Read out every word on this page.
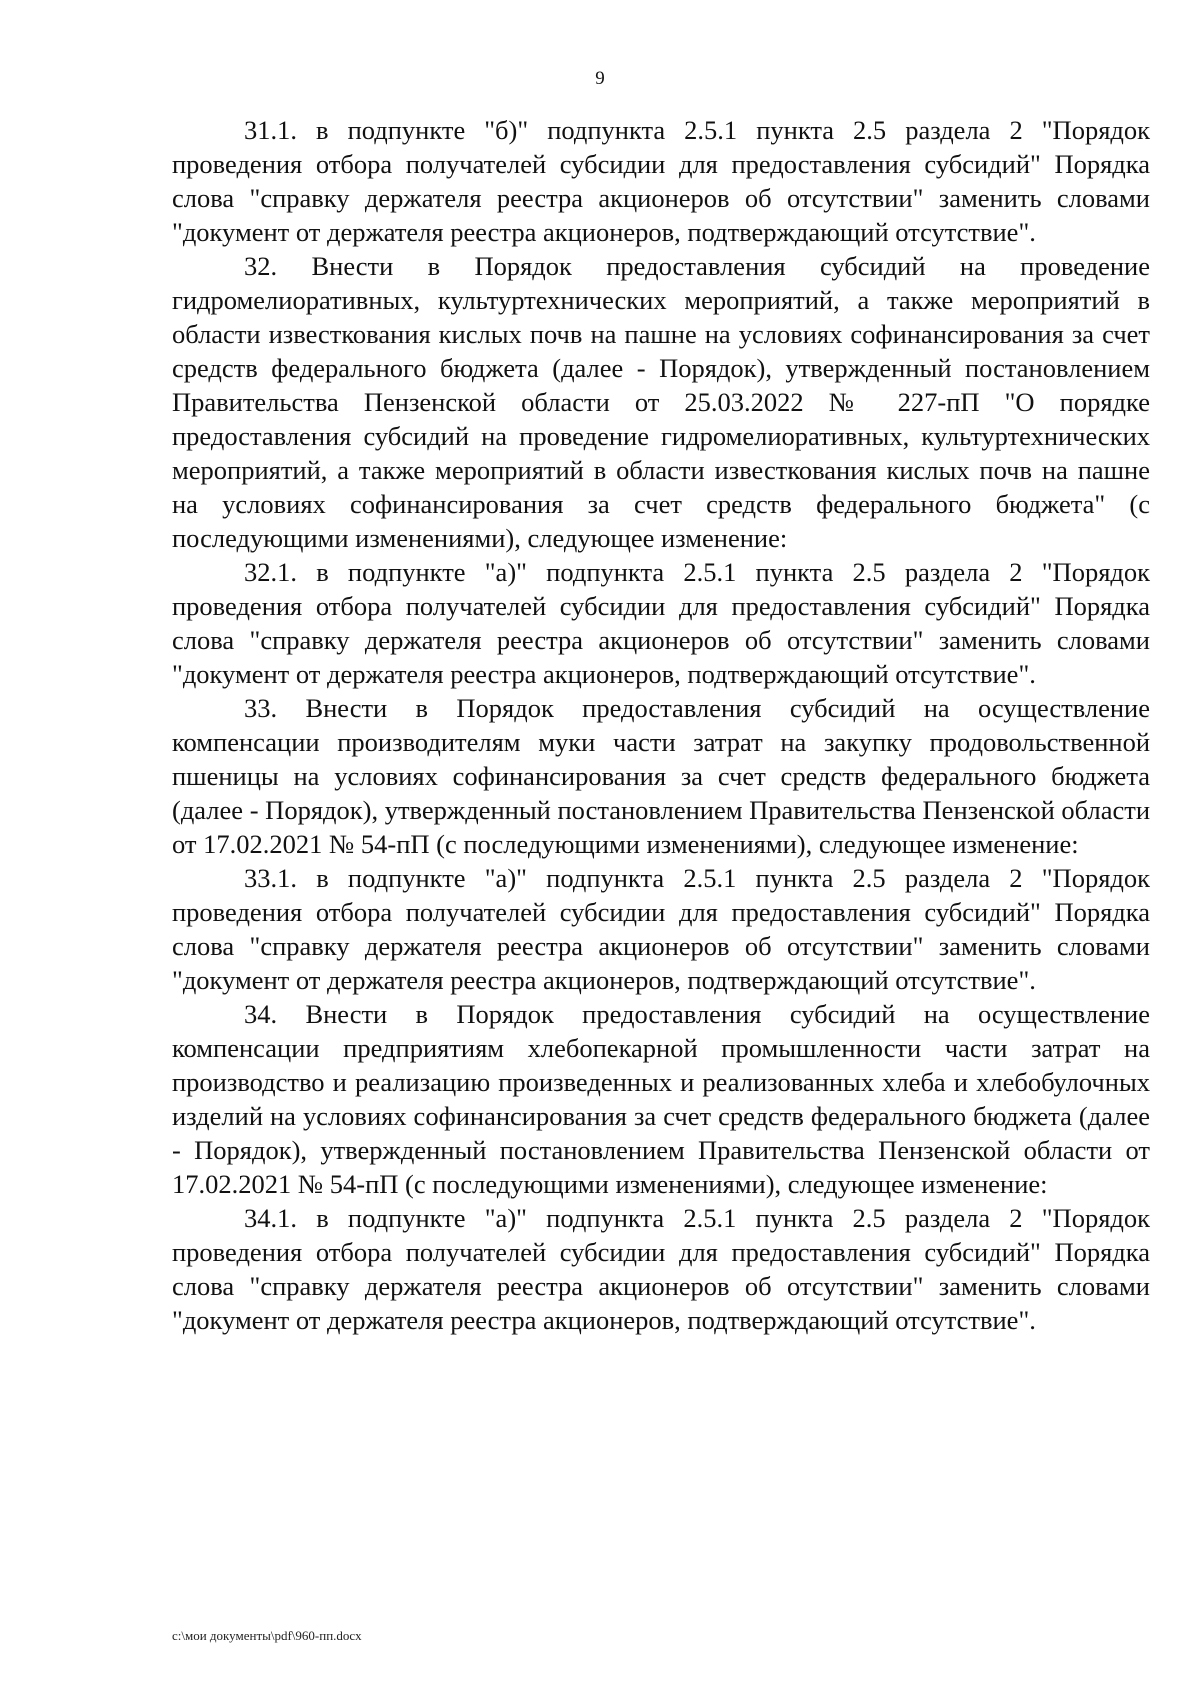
9

31.1. в подпункте "б)" подпункта 2.5.1 пункта 2.5 раздела 2 "Порядок проведения отбора получателей субсидии для предоставления субсидий" Порядка слова "справку держателя реестра акционеров об отсутствии" заменить словами "документ от держателя реестра акционеров, подтверждающий отсутствие".

32. Внести в Порядок предоставления субсидий на проведение гидромелиоративных, культуртехнических мероприятий, а также мероприятий в области известкования кислых почв на пашне на условиях софинансирования за счет средств федерального бюджета (далее - Порядок), утвержденный постановлением Правительства Пензенской области от 25.03.2022 № 227-пП "О порядке предоставления субсидий на проведение гидромелиоративных, культуртехнических мероприятий, а также мероприятий в области известкования кислых почв на пашне на условиях софинансирования за счет средств федерального бюджета" (с последующими изменениями), следующее изменение:

32.1. в подпункте "а)" подпункта 2.5.1 пункта 2.5 раздела 2 "Порядок проведения отбора получателей субсидии для предоставления субсидий" Порядка слова "справку держателя реестра акционеров об отсутствии" заменить словами "документ от держателя реестра акционеров, подтверждающий отсутствие".

33. Внести в Порядок предоставления субсидий на осуществление компенсации производителям муки части затрат на закупку продовольственной пшеницы на условиях софинансирования за счет средств федерального бюджета (далее - Порядок), утвержденный постановлением Правительства Пензенской области от 17.02.2021 № 54-пП (с последующими изменениями), следующее изменение:

33.1. в подпункте "а)" подпункта 2.5.1 пункта 2.5 раздела 2 "Порядок проведения отбора получателей субсидии для предоставления субсидий" Порядка слова "справку держателя реестра акционеров об отсутствии" заменить словами "документ от держателя реестра акционеров, подтверждающий отсутствие".

34. Внести в Порядок предоставления субсидий на осуществление компенсации предприятиям хлебопекарной промышленности части затрат на производство и реализацию произведенных и реализованных хлеба и хлебобулочных изделий на условиях софинансирования за счет средств федерального бюджета (далее - Порядок), утвержденный постановлением Правительства Пензенской области от 17.02.2021 № 54-пП (с последующими изменениями), следующее изменение:

34.1. в подпункте "а)" подпункта 2.5.1 пункта 2.5 раздела 2 "Порядок проведения отбора получателей субсидии для предоставления субсидий" Порядка слова "справку держателя реестра акционеров об отсутствии" заменить словами "документ от держателя реестра акционеров, подтверждающий отсутствие".

c:\мои документы\pdf\960-пп.docx
